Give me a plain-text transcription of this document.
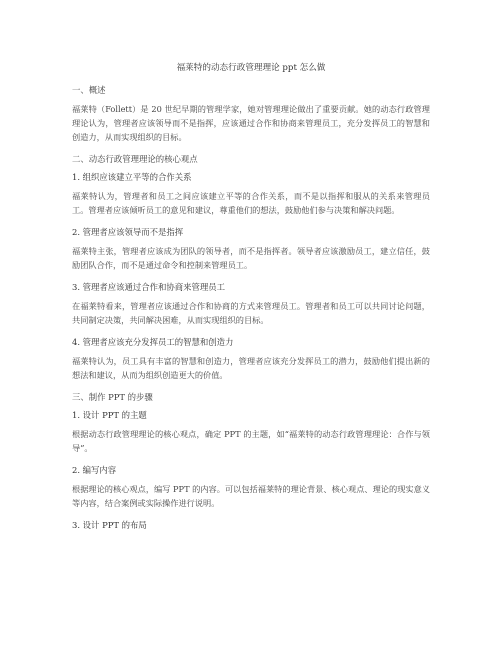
福莱特的动态行政管理理论 ppt 怎么做
一、概述
福莱特（Follett）是 20 世纪早期的管理学家，她对管理理论做出了重要贡献。她的动态行政管理理论认为，管理者应该领导而不是指挥，应该通过合作和协商来管理员工，充分发挥员工的智慧和创造力，从而实现组织的目标。
二、动态行政管理理论的核心观点
1. 组织应该建立平等的合作关系
福莱特认为，管理者和员工之间应该建立平等的合作关系，而不是以指挥和服从的关系来管理员工。管理者应该倾听员工的意见和建议，尊重他们的想法，鼓励他们参与决策和解决问题。
2. 管理者应该领导而不是指挥
福莱特主张，管理者应该成为团队的领导者，而不是指挥者。领导者应该激励员工，建立信任，鼓励团队合作，而不是通过命令和控制来管理员工。
3. 管理者应该通过合作和协商来管理员工
在福莱特看来，管理者应该通过合作和协商的方式来管理员工。管理者和员工可以共同讨论问题，共同制定决策，共同解决困难，从而实现组织的目标。
4. 管理者应该充分发挥员工的智慧和创造力
福莱特认为，员工具有丰富的智慧和创造力，管理者应该充分发挥员工的潜力，鼓励他们提出新的想法和建议，从而为组织创造更大的价值。
三、制作 PPT 的步骤
1. 设计 PPT 的主题
根据动态行政管理理论的核心观点，确定 PPT 的主题，如“福莱特的动态行政管理理论：合作与领导”。
2. 编写内容
根据理论的核心观点，编写 PPT 的内容。可以包括福莱特的理论背景、核心观点、理论的现实意义等内容，结合案例或实际操作进行说明。
3. 设计 PPT 的布局
